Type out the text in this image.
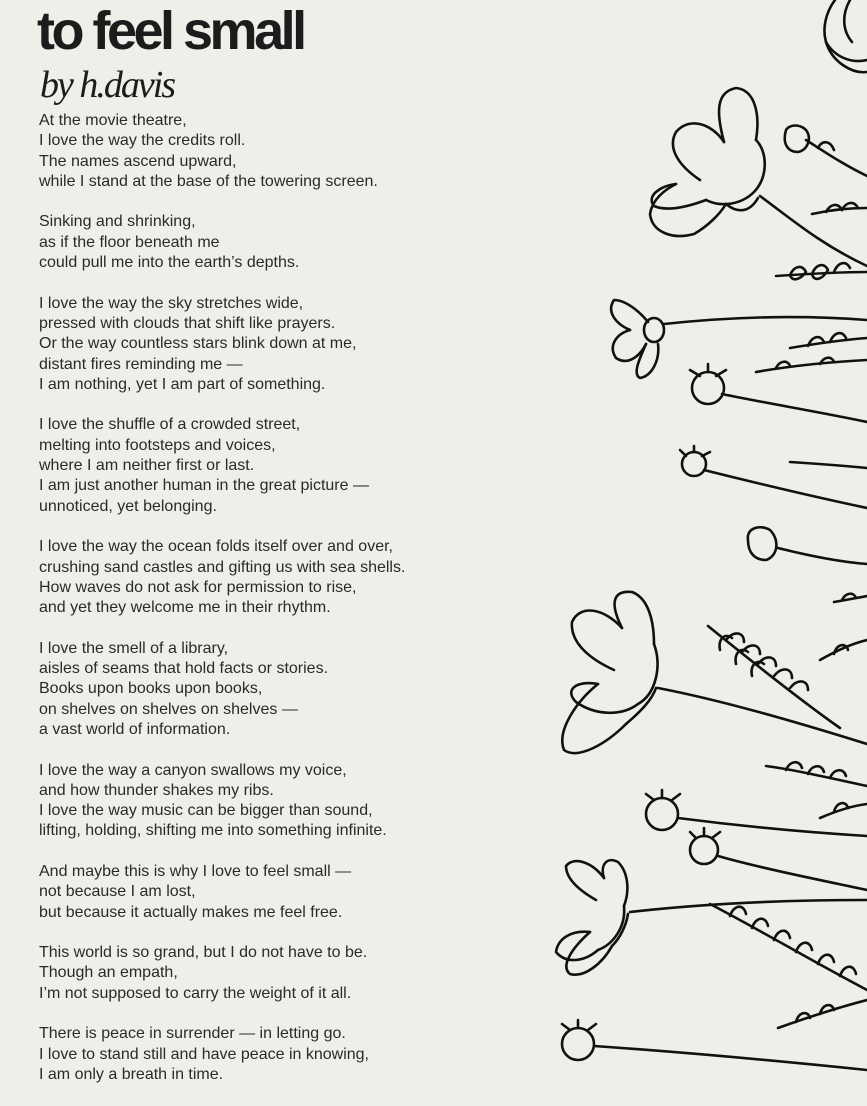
to feel small
by h.davis
At the movie theatre,
I love the way the credits roll.
The names ascend upward,
while I stand at the base of the towering screen.
Sinking and shrinking,
as if the floor beneath me
could pull me into the earth’s depths.
I love the way the sky stretches wide,
pressed with clouds that shift like prayers.
Or the way countless stars blink down at me,
distant fires reminding me —
I am nothing, yet I am part of something.
I love the shuffle of a crowded street,
melting into footsteps and voices,
where I am neither first or last.
I am just another human in the great picture —
unnoticed, yet belonging.
I love the way the ocean folds itself over and over,
crushing sand castles and gifting us with sea shells.
How waves do not ask for permission to rise,
and yet they welcome me in their rhythm.
I love the smell of a library,
aisles of seams that hold facts or stories.
Books upon books upon books,
on shelves on shelves on shelves —
a vast world of information.
I love the way a canyon swallows my voice,
and how thunder shakes my ribs.
I love the way music can be bigger than sound,
lifting, holding, shifting me into something infinite.
And maybe this is why I love to feel small —
not because I am lost,
but because it actually makes me feel free.
This world is so grand, but I do not have to be.
Though an empath,
I’m not supposed to carry the weight of it all.
There is peace in surrender — in letting go.
I love to stand still and have peace in knowing,
I am only a breath in time.
